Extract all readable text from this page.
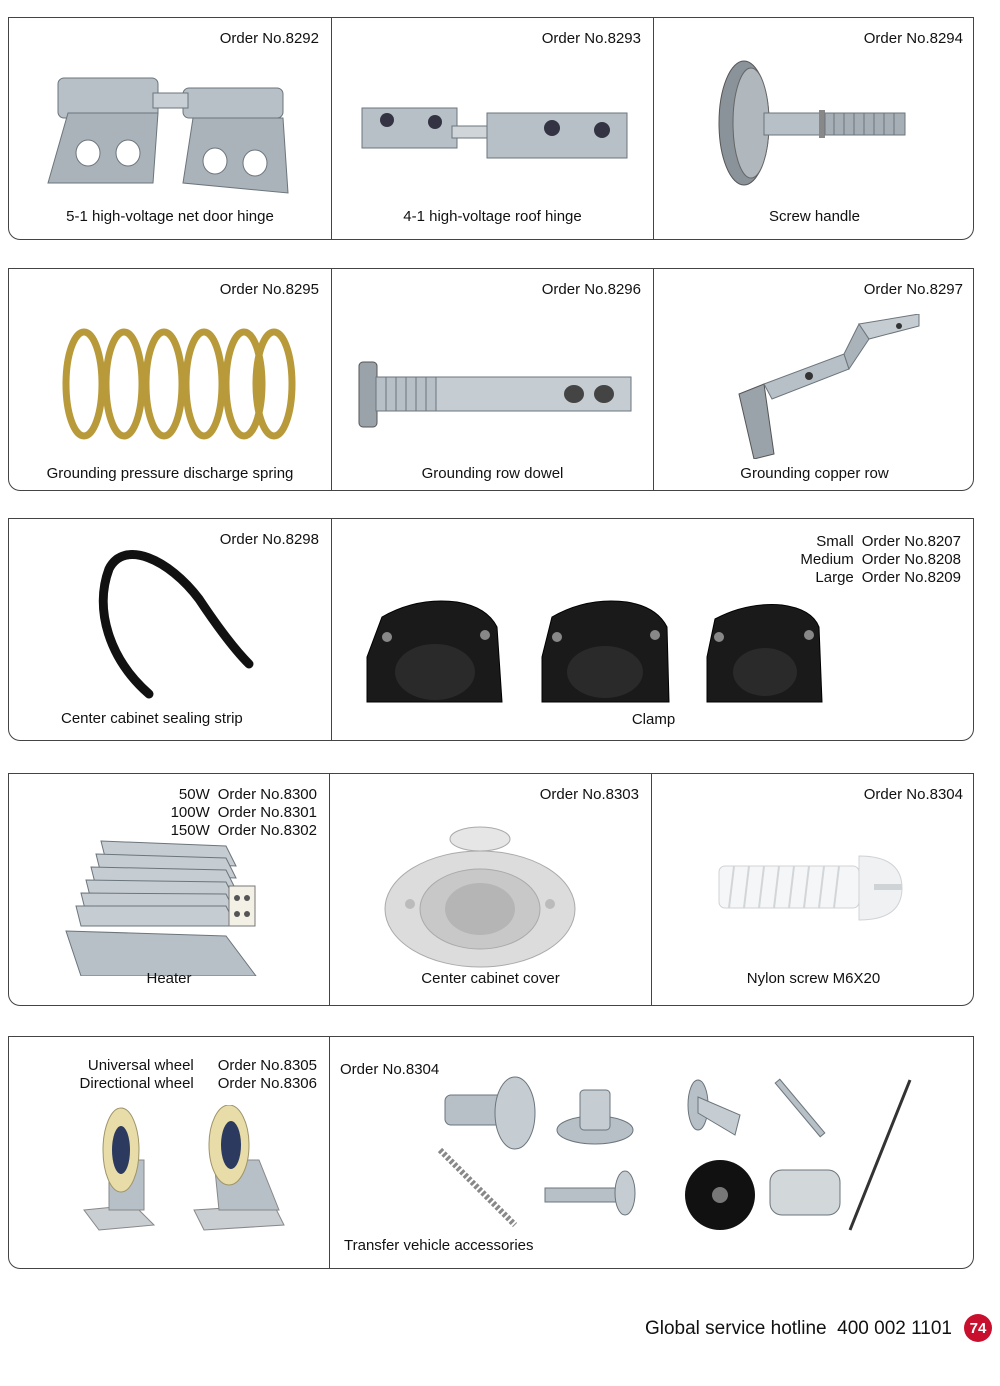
Order No.8292
5-1 high-voltage net door hinge
Order No.8293
4-1 high-voltage roof hinge
Order No.8294
Screw handle
Order No.8295
Grounding pressure discharge spring
Order No.8296
Grounding row dowel
Order No.8297
Grounding copper row
Order No.8298
Center cabinet sealing strip
Small Order No.8207
Medium Order No.8208
Large Order No.8209
Clamp
50W Order No.8300
100W Order No.8301
150W Order No.8302
Heater
Order No.8303
Center cabinet cover
Order No.8304
Nylon screw M6X20
Universal wheel Order No.8305
Directional wheel Order No.8306
Order No.8304
Transfer vehicle accessories
Global service hotline  400 002 1101	74
